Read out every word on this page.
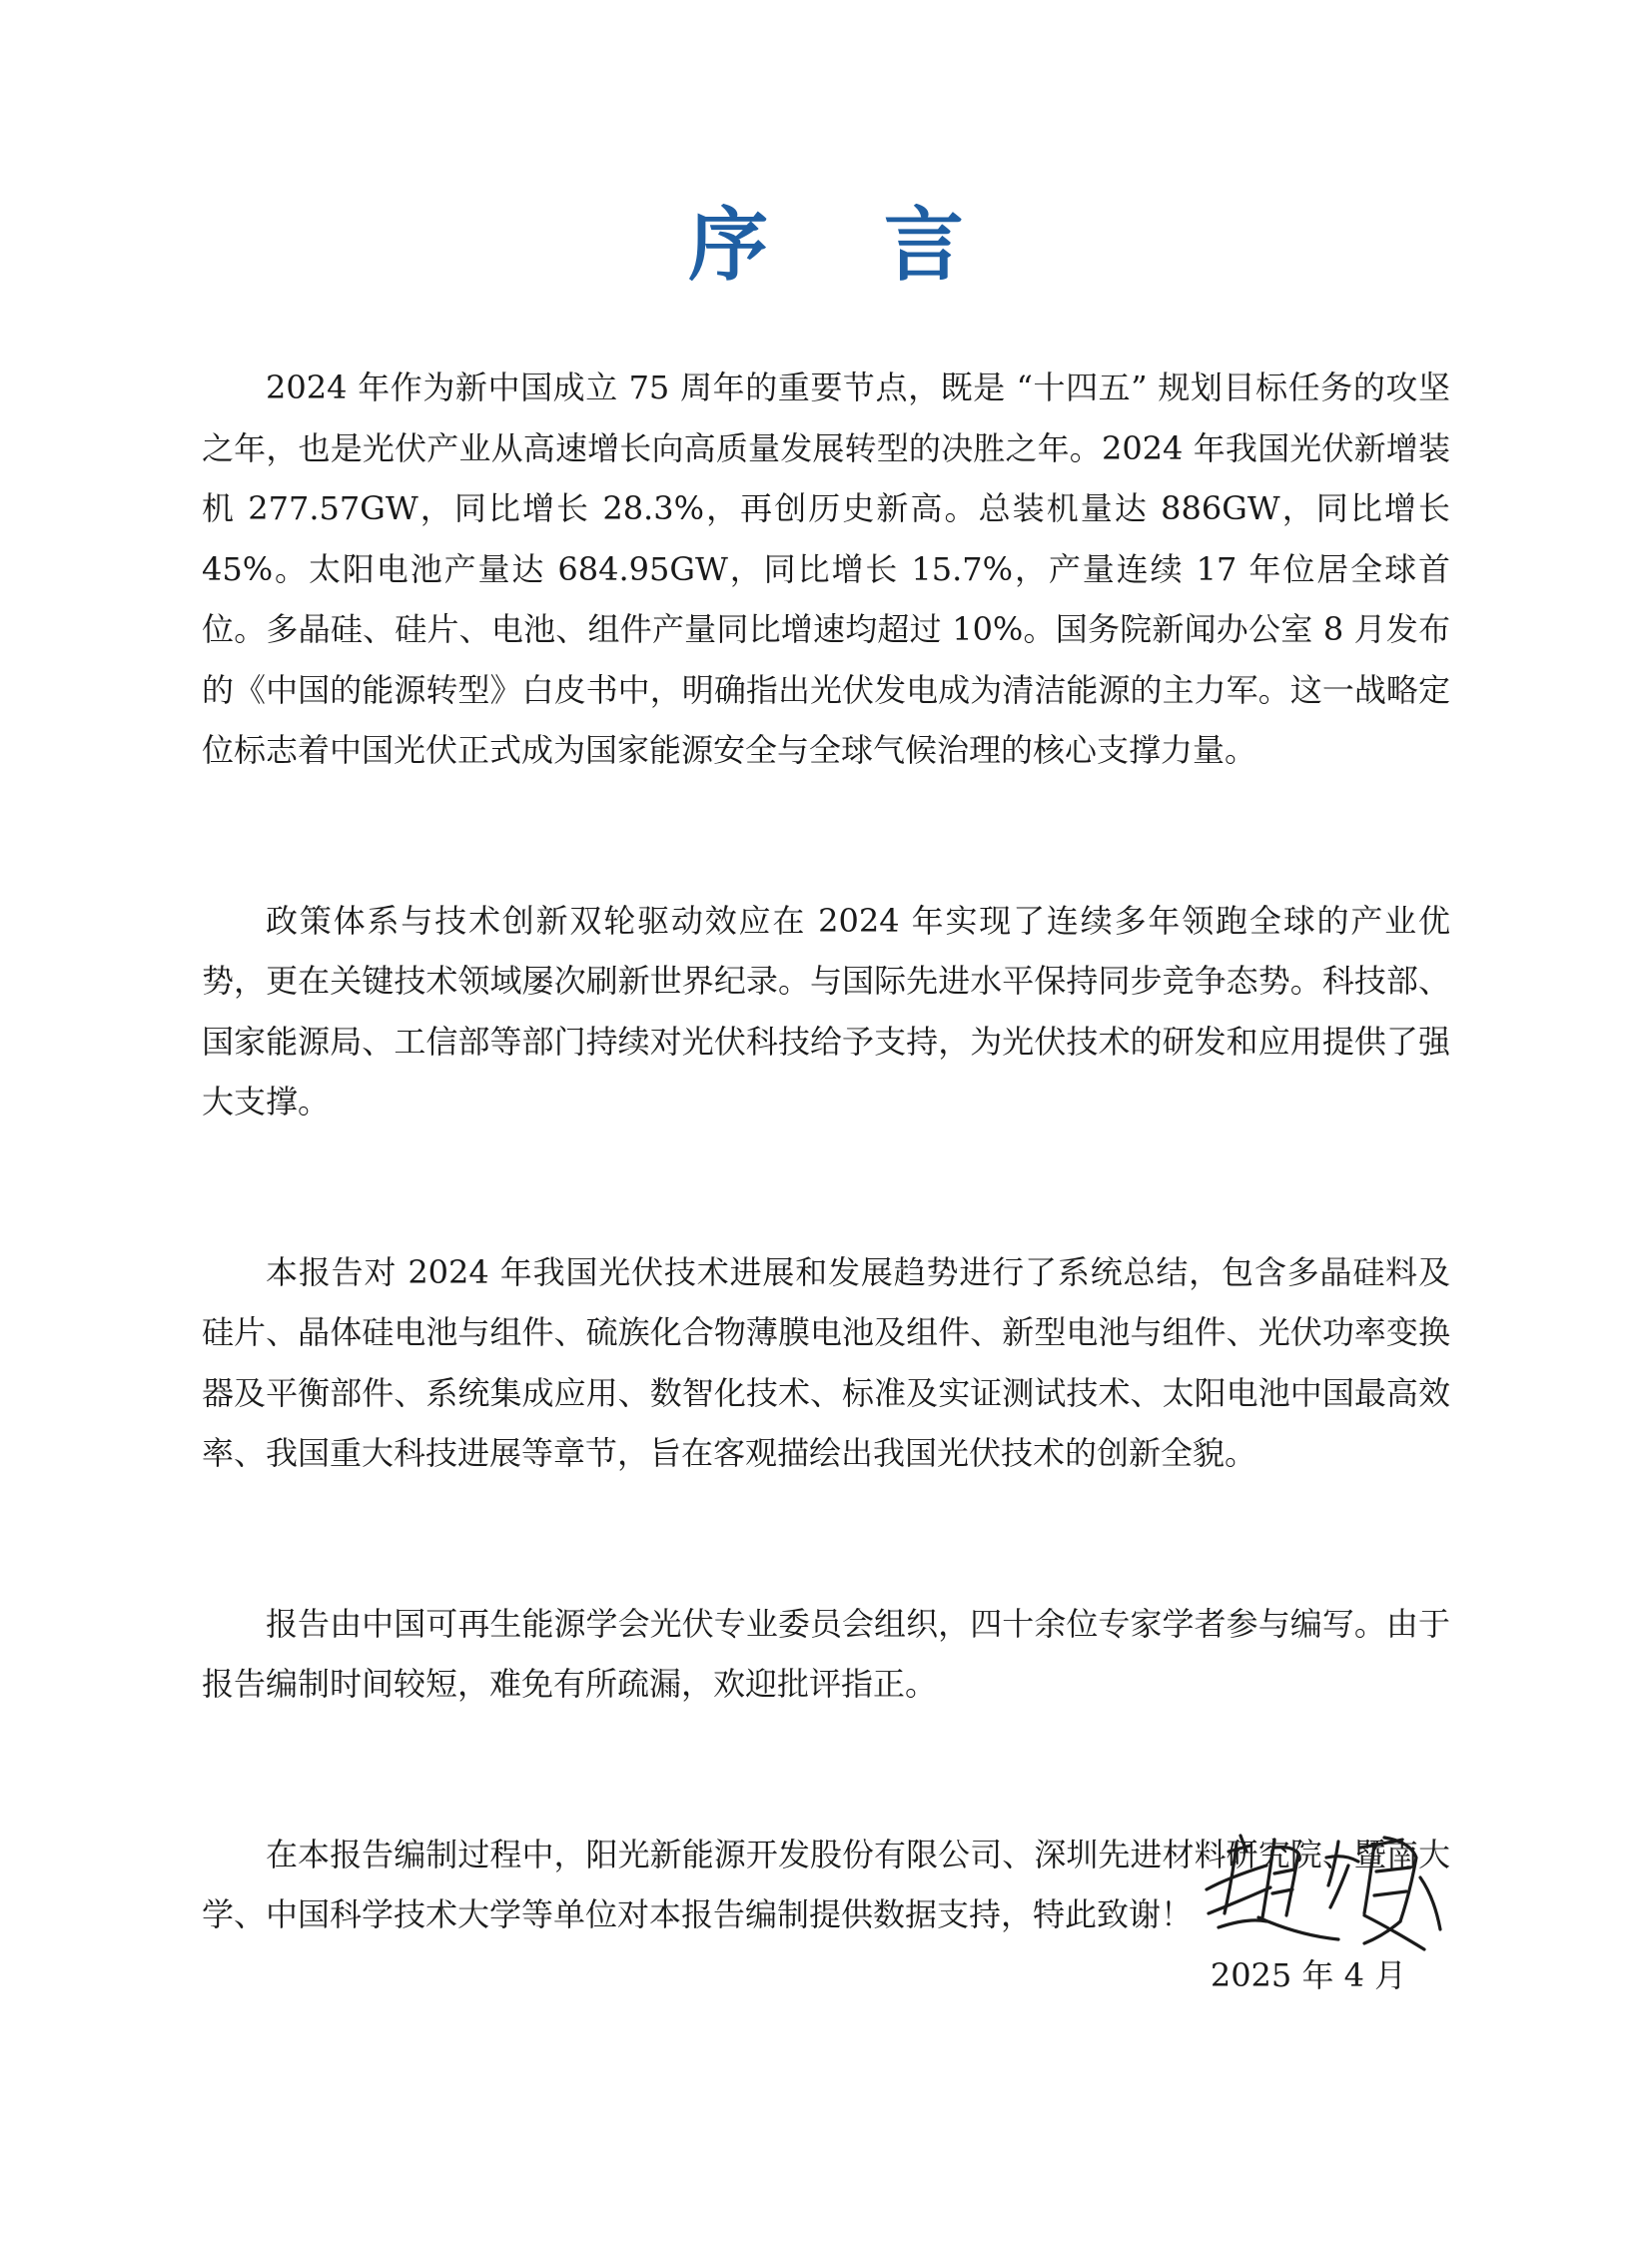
序 言

2024 年作为新中国成立 75 周年的重要节点，既是 “十四五” 规划目标任务的攻坚之年，也是光伏产业从高速增长向高质量发展转型的决胜之年。2024 年我国光伏新增装机 277.57GW，同比增长 28.3%，再创历史新高。总装机量达 886GW，同比增长 45%。太阳电池产量达 684.95GW，同比增长 15.7%，产量连续 17 年位居全球首位。多晶硅、硅片、电池、组件产量同比增速均超过 10%。国务院新闻办公室 8 月发布的《中国的能源转型》白皮书中，明确指出光伏发电成为清洁能源的主力军。这一战略定位标志着中国光伏正式成为国家能源安全与全球气候治理的核心支撑力量。

政策体系与技术创新双轮驱动效应在 2024 年实现了连续多年领跑全球的产业优势，更在关键技术领域屡次刷新世界纪录。与国际先进水平保持同步竞争态势。科技部、国家能源局、工信部等部门持续对光伏科技给予支持，为光伏技术的研发和应用提供了强大支撑。

本报告对 2024 年我国光伏技术进展和发展趋势进行了系统总结，包含多晶硅料及硅片、晶体硅电池与组件、硫族化合物薄膜电池及组件、新型电池与组件、光伏功率变换器及平衡部件、系统集成应用、数智化技术、标准及实证测试技术、太阳电池中国最高效率、我国重大科技进展等章节，旨在客观描绘出我国光伏技术的创新全貌。

报告由中国可再生能源学会光伏专业委员会组织，四十余位专家学者参与编写。由于报告编制时间较短，难免有所疏漏，欢迎批评指正。

在本报告编制过程中，阳光新能源开发股份有限公司、深圳先进材料研究院、暨南大学、中国科学技术大学等单位对本报告编制提供数据支持，特此致谢！

2025 年 4 月
